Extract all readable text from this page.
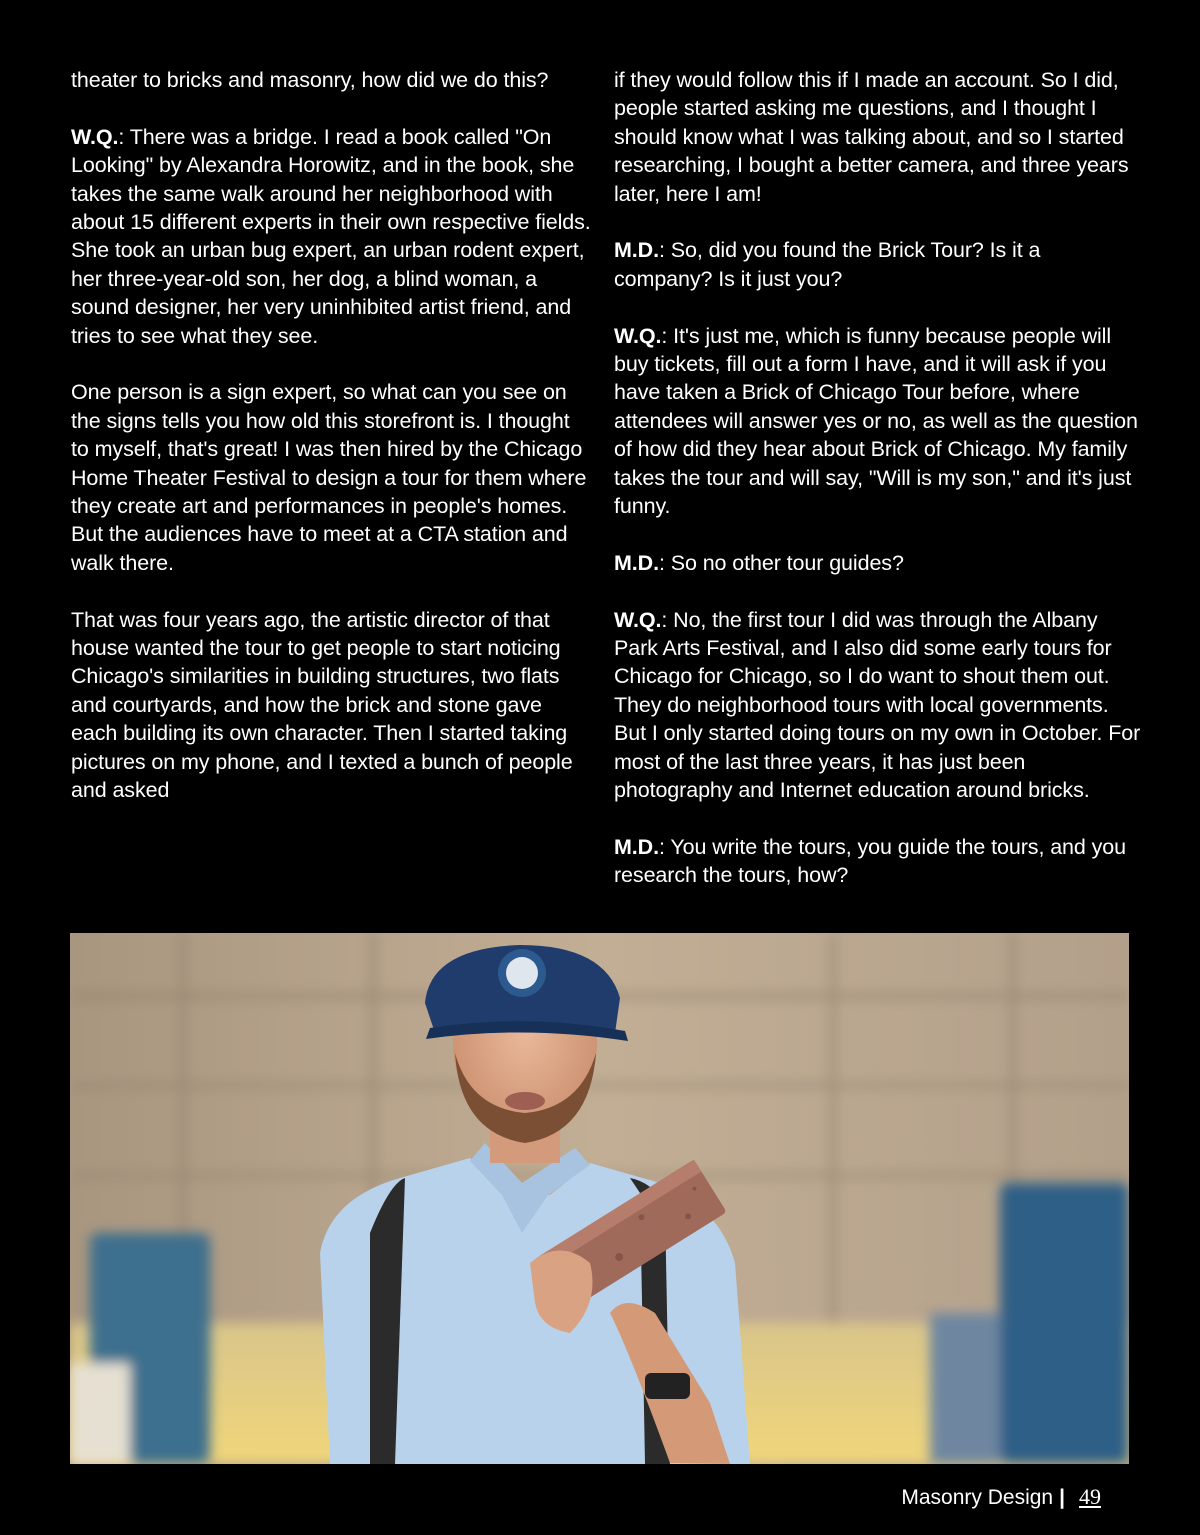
theater to bricks and masonry, how did we do this?

W.Q.: There was a bridge. I read a book called "On Looking" by Alexandra Horowitz, and in the book, she takes the same walk around her neighborhood with about 15 different experts in their own respective fields. She took an urban bug expert, an urban rodent expert, her three-year-old son, her dog, a blind woman, a sound designer, her very uninhibited artist friend, and tries to see what they see.

One person is a sign expert, so what can you see on the signs tells you how old this storefront is. I thought to myself, that's great! I was then hired by the Chicago Home Theater Festival to design a tour for them where they create art and performances in people's homes. But the audiences have to meet at a CTA station and walk there.

That was four years ago, the artistic director of that house wanted the tour to get people to start noticing Chicago's similarities in building structures, two flats and courtyards, and how the brick and stone gave each building its own character. Then I started taking pictures on my phone, and I texted a bunch of people and asked

if they would follow this if I made an account. So I did, people started asking me questions, and I thought I should know what I was talking about, and so I started researching, I bought a better camera, and three years later, here I am!

M.D.: So, did you found the Brick Tour? Is it a company? Is it just you?

W.Q.: It's just me, which is funny because people will buy tickets, fill out a form I have, and it will ask if you have taken a Brick of Chicago Tour before, where attendees will answer yes or no, as well as the question of how did they hear about Brick of Chicago. My family takes the tour and will say, "Will is my son," and it's just funny.

M.D.: So no other tour guides?

W.Q.: No, the first tour I did was through the Albany Park Arts Festival, and I also did some early tours for Chicago for Chicago, so I do want to shout them out. They do neighborhood tours with local governments. But I only started doing tours on my own in October. For most of the last three years, it has just been photography and Internet education around bricks.

M.D.: You write the tours, you guide the tours, and you research the tours, how?

Masonry Design | 49
